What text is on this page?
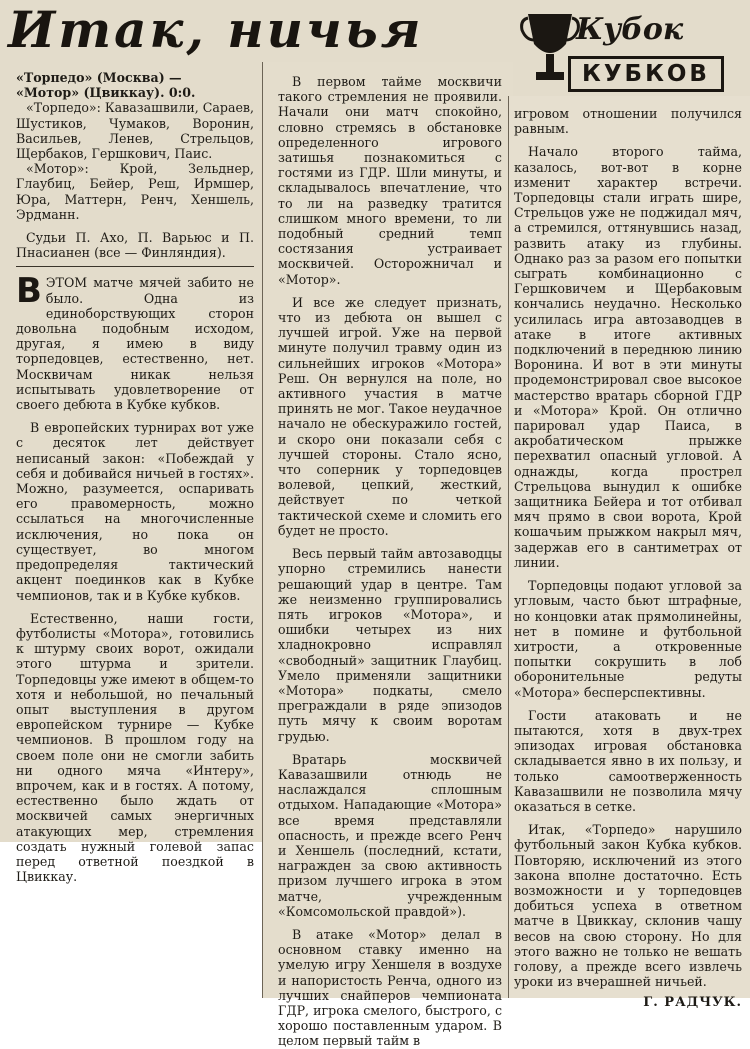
Итак, ничья	Кубок
КУБКОВ

«Торпедо» (Москва) —
«Мотор» (Цвиккау). 0:0.

«Торпедо»: Кавазашвили, Сараев, Шустиков, Чумаков, Воронин, Васильев, Ленев, Стрельцов, Щербаков, Гершкович, Паис.

«Мотор»: Крой, Зельднер, Глаубиц, Бейер, Реш, Ирмшер, Юра, Маттерн, Ренч, Хеншель, Эрдманн.

Судьи П. Ахо, П. Варьюс и П. Пнасианен (все — Финляндия).

ВЭТОМ матче мячей забито не было. Одна из единоборствующих сторон довольна подобным исходом, другая, я имею в виду торпедовцев, естественно, нет. Москвичам никак нельзя испытывать удовлетворение от своего дебюта в Кубке кубков.

В европейских турнирах вот уже с десяток лет действует неписаный закон: «Побеждай у себя и добивайся ничьей в гостях». Можно, разумеется, оспаривать его правомерность, можно ссылаться на многочисленные исключения, но пока он существует, во многом предопределяя тактический акцент поединков как в Кубке чемпионов, так и в Кубке кубков.

Естественно, наши гости, футболисты «Мотора», готовились к штурму своих ворот, ожидали этого штурма и зрители. Торпедовцы уже имеют в общем-то хотя и небольшой, но печальный опыт выступления в другом европейском турнире — Кубке чемпионов. В прошлом году на своем поле они не смогли забить ни одного мяча «Интеру», впрочем, как и в гостях. А потому, естественно было ждать от москвичей самых энергичных атакующих мер, стремления создать нужный голевой запас перед ответной поездкой в Цвиккау.

В первом тайме москвичи такого стремления не проявили. Начали они матч спокойно, словно стремясь в обстановке определенного игрового затишья познакомиться с гостями из ГДР. Шли минуты, и складывалось впечатление, что то ли на разведку тратится слишком много времени, то ли подобный средний темп состязания устраивает москвичей. Осторожничал и «Мотор».

И все же следует признать, что из дебюта он вышел с лучшей игрой. Уже на первой минуте получил травму один из сильнейших игроков «Мотора» Реш. Он вернулся на поле, но активного участия в матче принять не мог. Такое неудачное начало не обескуражило гостей, и скоро они показали себя с лучшей стороны. Стало ясно, что соперник у торпедовцев волевой, цепкий, жесткий, действует по четкой тактической схеме и сломить его будет не просто.

Весь первый тайм автозаводцы упорно стремились нанести решающий удар в центре. Там же неизменно группировались пять игроков «Мотора», и ошибки четырех из них хладнокровно исправлял «свободный» защитник Глаубиц. Умело применяли защитники «Мотора» подкаты, смело преграждали в ряде эпизодов путь мячу к своим воротам грудью.

Вратарь москвичей Кавазашвили отнюдь не наслаждался сплошным отдыхом. Нападающие «Мотора» все время представляли опасность, и прежде всего Ренч и Хеншель (последний, кстати, награжден за свою активность призом лучшего игрока в этом матче, учрежденным «Комсомольской правдой»).

В атаке «Мотор» делал в основном ставку именно на умелую игру Хеншеля в воздухе и напористость Ренча, одного из лучших снайперов чемпионата ГДР, игрока смелого, быстрого, с хорошо поставленным ударом. В целом первый тайм в

игровом отношении получился равным.

Начало второго тайма, казалось, вот-вот в корне изменит характер встречи. Торпедовцы стали играть шире, Стрельцов уже не поджидал мяч, а стремился, оттянувшись назад, развить атаку из глубины. Однако раз за разом его попытки сыграть комбинационно с Гершковичем и Щербаковым кончались неудачно. Несколько усилилась игра автозаводцев в атаке в итоге активных подключений в переднюю линию Воронина. И вот в эти минуты продемонстрировал свое высокое мастерство вратарь сборной ГДР и «Мотора» Крой. Он отлично парировал удар Паиса, в акробатическом прыжке перехватил опасный угловой. А однажды, когда прострел Стрельцова вынудил к ошибке защитника Бейера и тот отбивал мяч прямо в свои ворота, Крой кошачьим прыжком накрыл мяч, задержав его в сантиметрах от линии.

Торпедовцы подают угловой за угловым, часто бьют штрафные, но концовки атак прямолинейны, нет в помине и футбольной хитрости, а откровенные попытки сокрушить в лоб оборонительные редуты «Мотора» бесперспективны.

Гости атаковать и не пытаются, хотя в двух-трех эпизодах игровая обстановка складывается явно в их пользу, и только самоотверженность Кавазашвили не позволила мячу оказаться в сетке.

Итак, «Торпедо» нарушило футбольный закон Кубка кубков. Повторяю, исключений из этого закона вполне достаточно. Есть возможности и у торпедовцев добиться успеха в ответном матче в Цвиккау, склонив чашу весов на свою сторону. Но для этого важно не только не вешать голову, а прежде всего извлечь уроки из вчерашней ничьей.

Г. РАДЧУК.
